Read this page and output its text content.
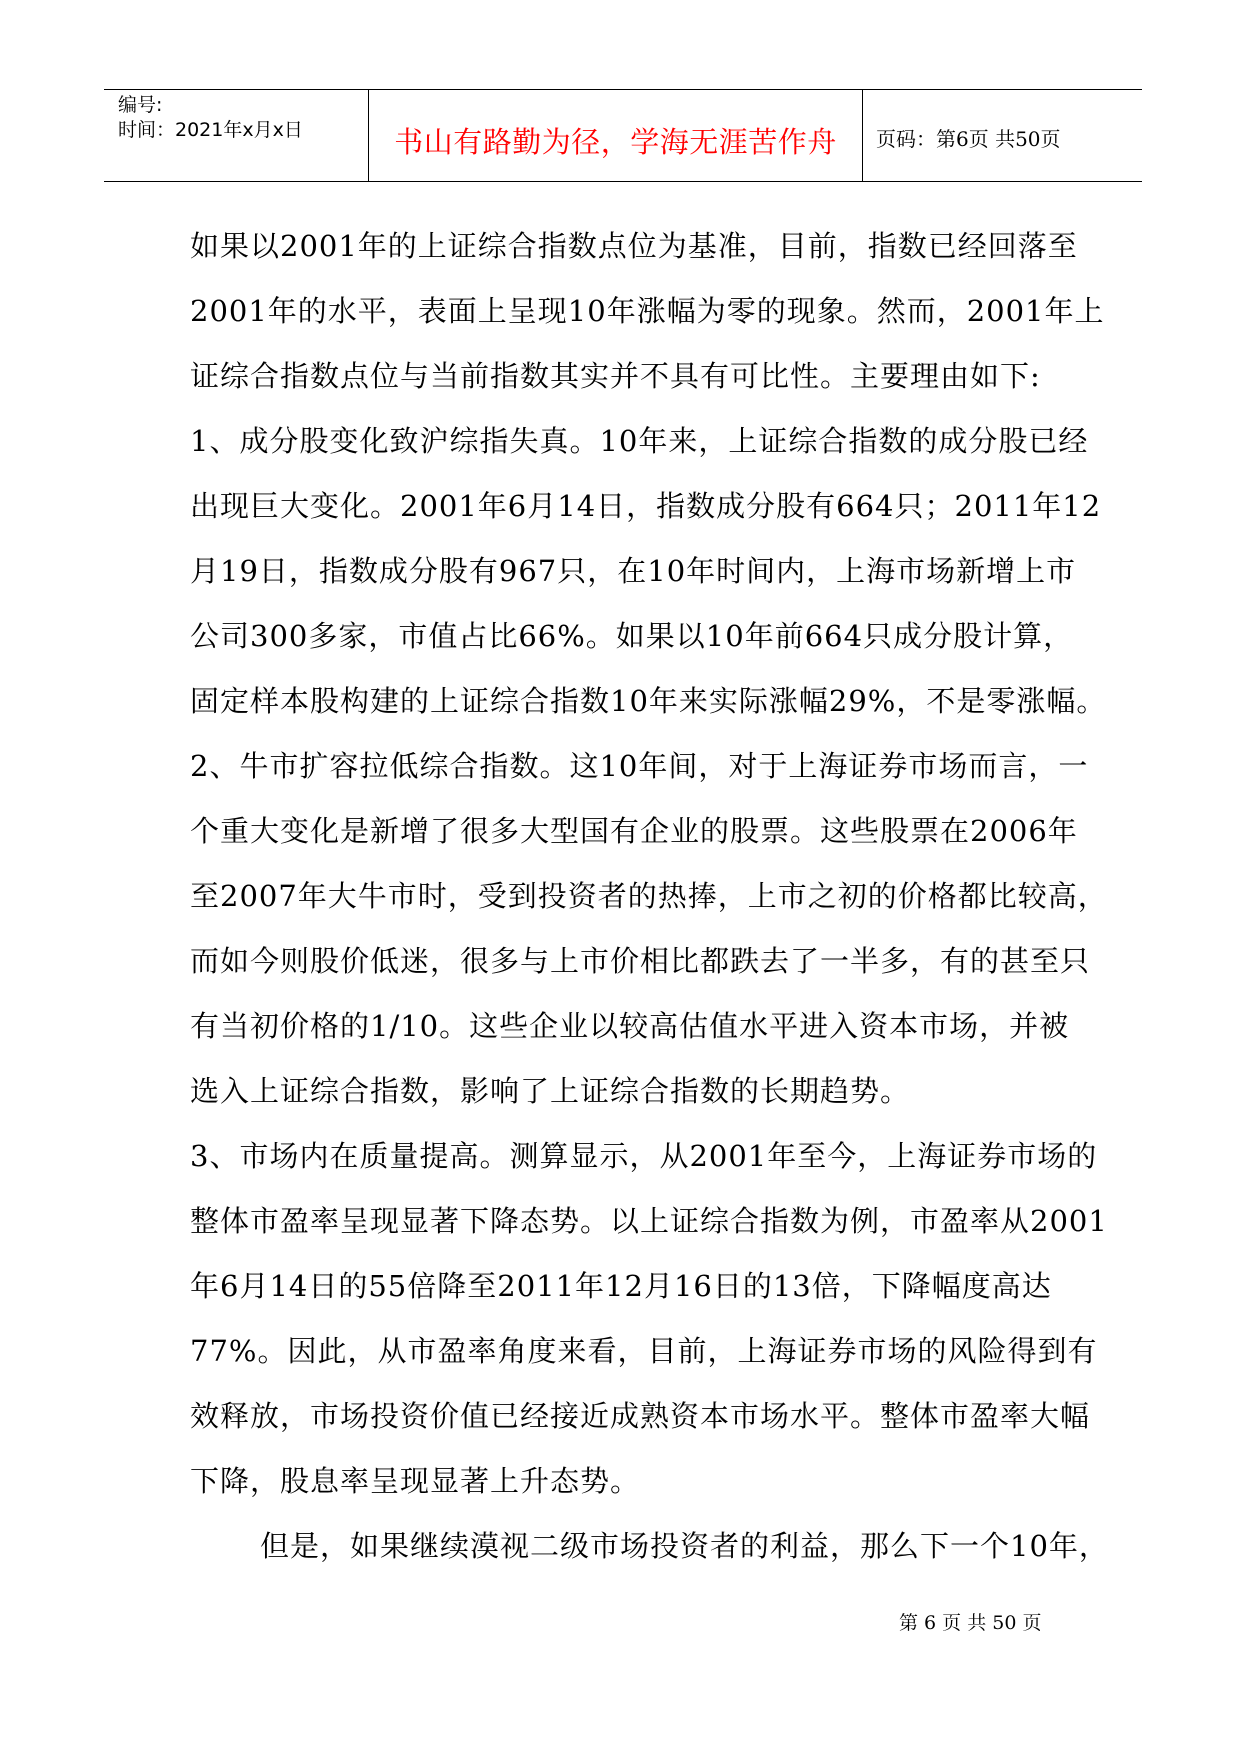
编号:
时间：2021年x月x日	书山有路勤为径，学海无涯苦作舟	页码：第6页 共50页
如果以2001年的上证综合指数点位为基准，目前，指数已经回落至
2001年的水平，表面上呈现10年涨幅为零的现象。然而，2001年上
证综合指数点位与当前指数其实并不具有可比性。主要理由如下:
1、成分股变化致沪综指失真。10年来，上证综合指数的成分股已经
出现巨大变化。2001年6月14日，指数成分股有664只；2011年12
月19日，指数成分股有967只，在10年时间内，上海市场新增上市
公司300多家，市值占比66%。如果以10年前664只成分股计算，
固定样本股构建的上证综合指数10年来实际涨幅29%，不是零涨幅。
2、牛市扩容拉低综合指数。这10年间，对于上海证券市场而言，一
个重大变化是新增了很多大型国有企业的股票。这些股票在2006年
至2007年大牛市时，受到投资者的热捧，上市之初的价格都比较高，
而如今则股价低迷，很多与上市价相比都跌去了一半多，有的甚至只
有当初价格的1/10。这些企业以较高估值水平进入资本市场，并被
选入上证综合指数，影响了上证综合指数的长期趋势。
3、市场内在质量提高。测算显示，从2001年至今，上海证券市场的
整体市盈率呈现显著下降态势。以上证综合指数为例，市盈率从2001
年6月14日的55倍降至2011年12月16日的13倍，下降幅度高达
77%。因此，从市盈率角度来看，目前，上海证券市场的风险得到有
效释放，市场投资价值已经接近成熟资本市场水平。整体市盈率大幅
下降，股息率呈现显著上升态势。
但是，如果继续漠视二级市场投资者的利益，那么下一个10年，
第 6 页 共 50 页
